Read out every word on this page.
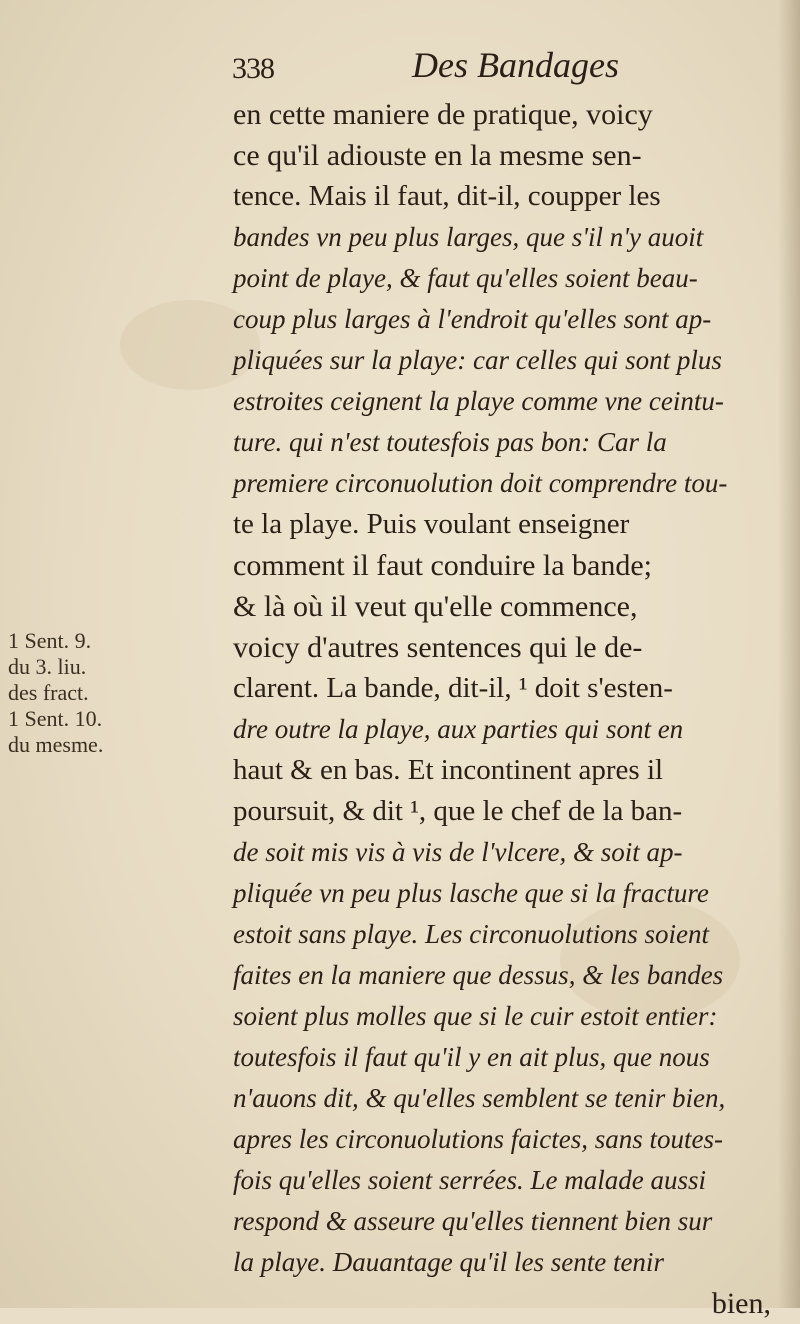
338	Des Bandages
en cette maniere de pratique, voicy
ce qu'il adiouste en la mesme sen-
tence. Mais il faut, dit-il, coupper les
bandes vn peu plus larges, que s'il n'y auoit
point de playe, & faut qu'elles soient beau-
coup plus larges à l'endroit qu'elles sont ap-
pliquées sur la playe: car celles qui sont plus
estroites ceignent la playe comme vne ceintu-
ture. qui n'est toutesfois pas bon: Car la
premiere circonuolution doit comprendre tou-
te la playe. Puis voulant enseigner
comment il faut conduire la bande;
& là où il veut qu'elle commence,
voicy d'autres sentences qui le de-
clarent. La bande, dit-il, ¹ doit s'esten-
dre outre la playe, aux parties qui sont en
haut & en bas. Et incontinent apres il
poursuit, & dit ¹, que le chef de la ban-
de soit mis vis à vis de l'vlcere, & soit ap-
pliquée vn peu plus lasche que si la fracture
estoit sans playe. Les circonuolutions soient
faites en la maniere que dessus, & les bandes
soient plus molles que si le cuir estoit entier:
toutesfois il faut qu'il y en ait plus, que nous
n'auons dit, & qu'elles semblent se tenir bien,
apres les circonuolutions faictes, sans toutes-
fois qu'elles soient serrées. Le malade aussi
respond & asseure qu'elles tiennent bien sur
la playe. Dauantage qu'il les sente tenir
bien,
1 Sent. 9.
du 3. liu.
des fract.
1 Sent. 10.
du mesme.
